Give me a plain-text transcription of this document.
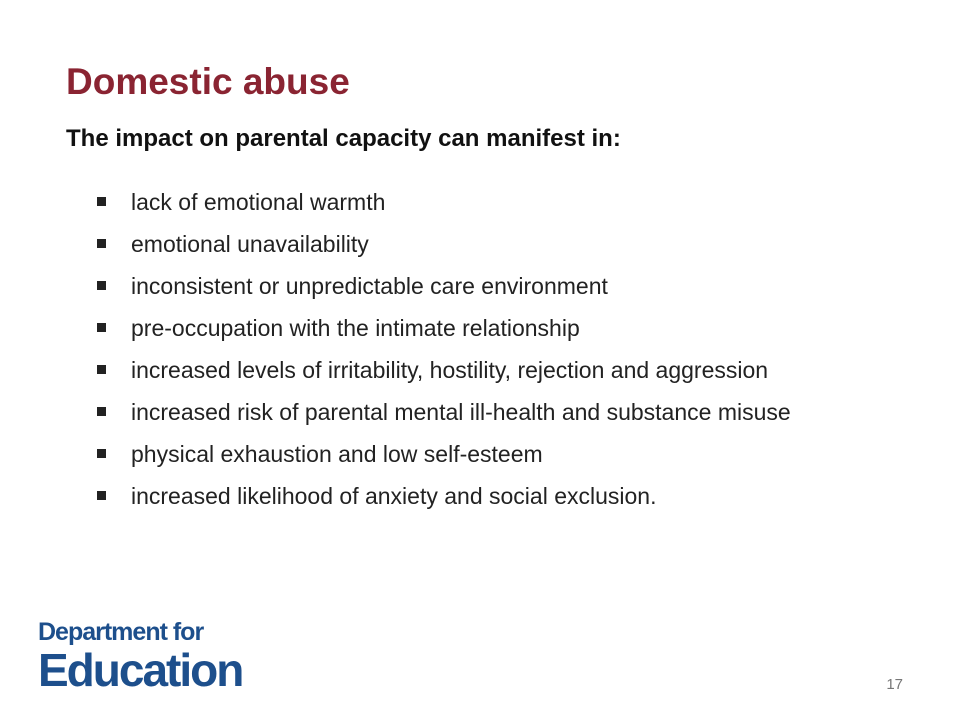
Domestic abuse
The impact on parental capacity can manifest in:
lack of emotional warmth
emotional unavailability
inconsistent or unpredictable care environment
pre-occupation with the intimate relationship
increased levels of irritability, hostility, rejection and aggression
increased risk of parental mental ill-health and substance misuse
physical exhaustion and low self-esteem
increased likelihood of anxiety and social exclusion.
Department for
Education	17
